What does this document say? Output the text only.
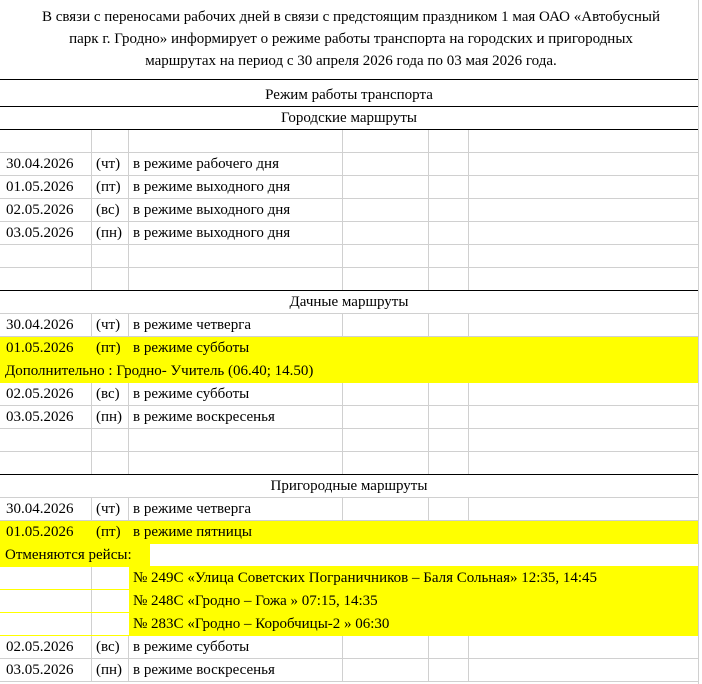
В связи с переносами рабочих дней в связи с предстоящим праздником 1 мая ОАО «Автобусный
парк г. Гродно» информирует о режиме работы транспорта на городских и пригородных
маршрутах на период с 30 апреля 2026 года по 03 мая 2026 года.
Режим работы транспорта
Городские маршруты
30.04.2026 (чт) в режиме рабочего дня
01.05.2026 (пт) в режиме выходного дня
02.05.2026 (вс) в режиме выходного дня
03.05.2026 (пн) в режиме выходного дня
Дачные маршруты
30.04.2026 (чт) в режиме четверга
01.05.2026 (пт) в режиме субботы
Дополнительно : Гродно- Учитель (06.40; 14.50)
02.05.2026 (вс) в режиме субботы
03.05.2026 (пн) в режиме воскресенья
Пригородные маршруты
30.04.2026 (чт) в режиме четверга
01.05.2026 (пт) в режиме пятницы
Отменяются рейсы:
№ 249С «Улица Советских Пограничников – Баля Сольная» 12:35, 14:45
№ 248С «Гродно – Гожа » 07:15, 14:35
№ 283С «Гродно – Коробчицы-2 » 06:30
02.05.2026 (вс) в режиме субботы
03.05.2026 (пн) в режиме воскресенья
